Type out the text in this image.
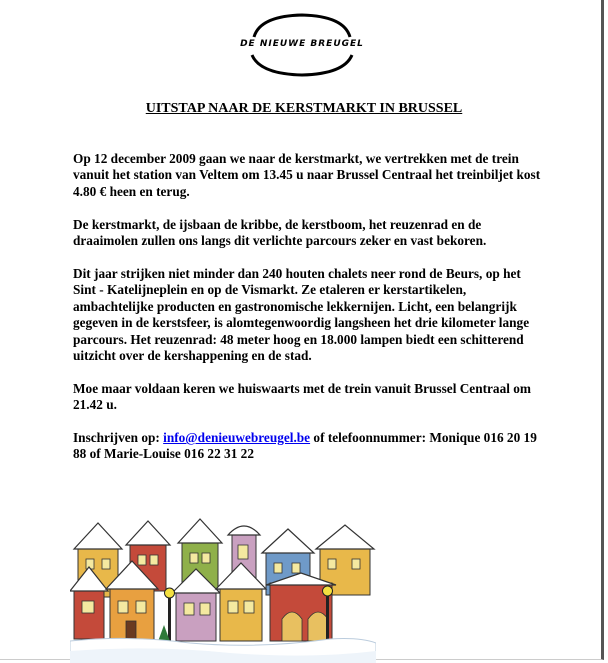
DE NIEUWE BREUGEL
UITSTAP NAAR DE KERSTMARKT IN BRUSSEL
Op 12 december 2009 gaan we naar de kerstmarkt, we vertrekken met de trein vanuit het station van Veltem om 13.45 u naar Brussel Centraal het treinbiljet kost 4.80 € heen en terug.
De kerstmarkt, de ijsbaan de kribbe, de kerstboom, het reuzenrad en de draaimolen zullen ons langs dit verlichte parcours zeker en vast bekoren.
Dit jaar strijken niet minder dan 240 houten chalets neer rond de Beurs, op het Sint - Katelijneplein en op de Vismarkt. Ze etaleren er kerstartikelen, ambachtelijke producten en gastronomische lekkernijen. Licht, een belangrijk gegeven in de kerstsfeer, is alomtegenwoordig langsheen het drie kilometer lange parcours. Het reuzenrad: 48 meter hoog en 18.000 lampen biedt een schitterend uitzicht over de kershappening en de stad.
Moe maar voldaan keren we huiswaarts met de trein vanuit Brussel Centraal om 21.42 u.
Inschrijven op: info@denieuwebreugel.be of telefoonnummer: Monique 016 20 19 88 of Marie-Louise 016 22 31 22
